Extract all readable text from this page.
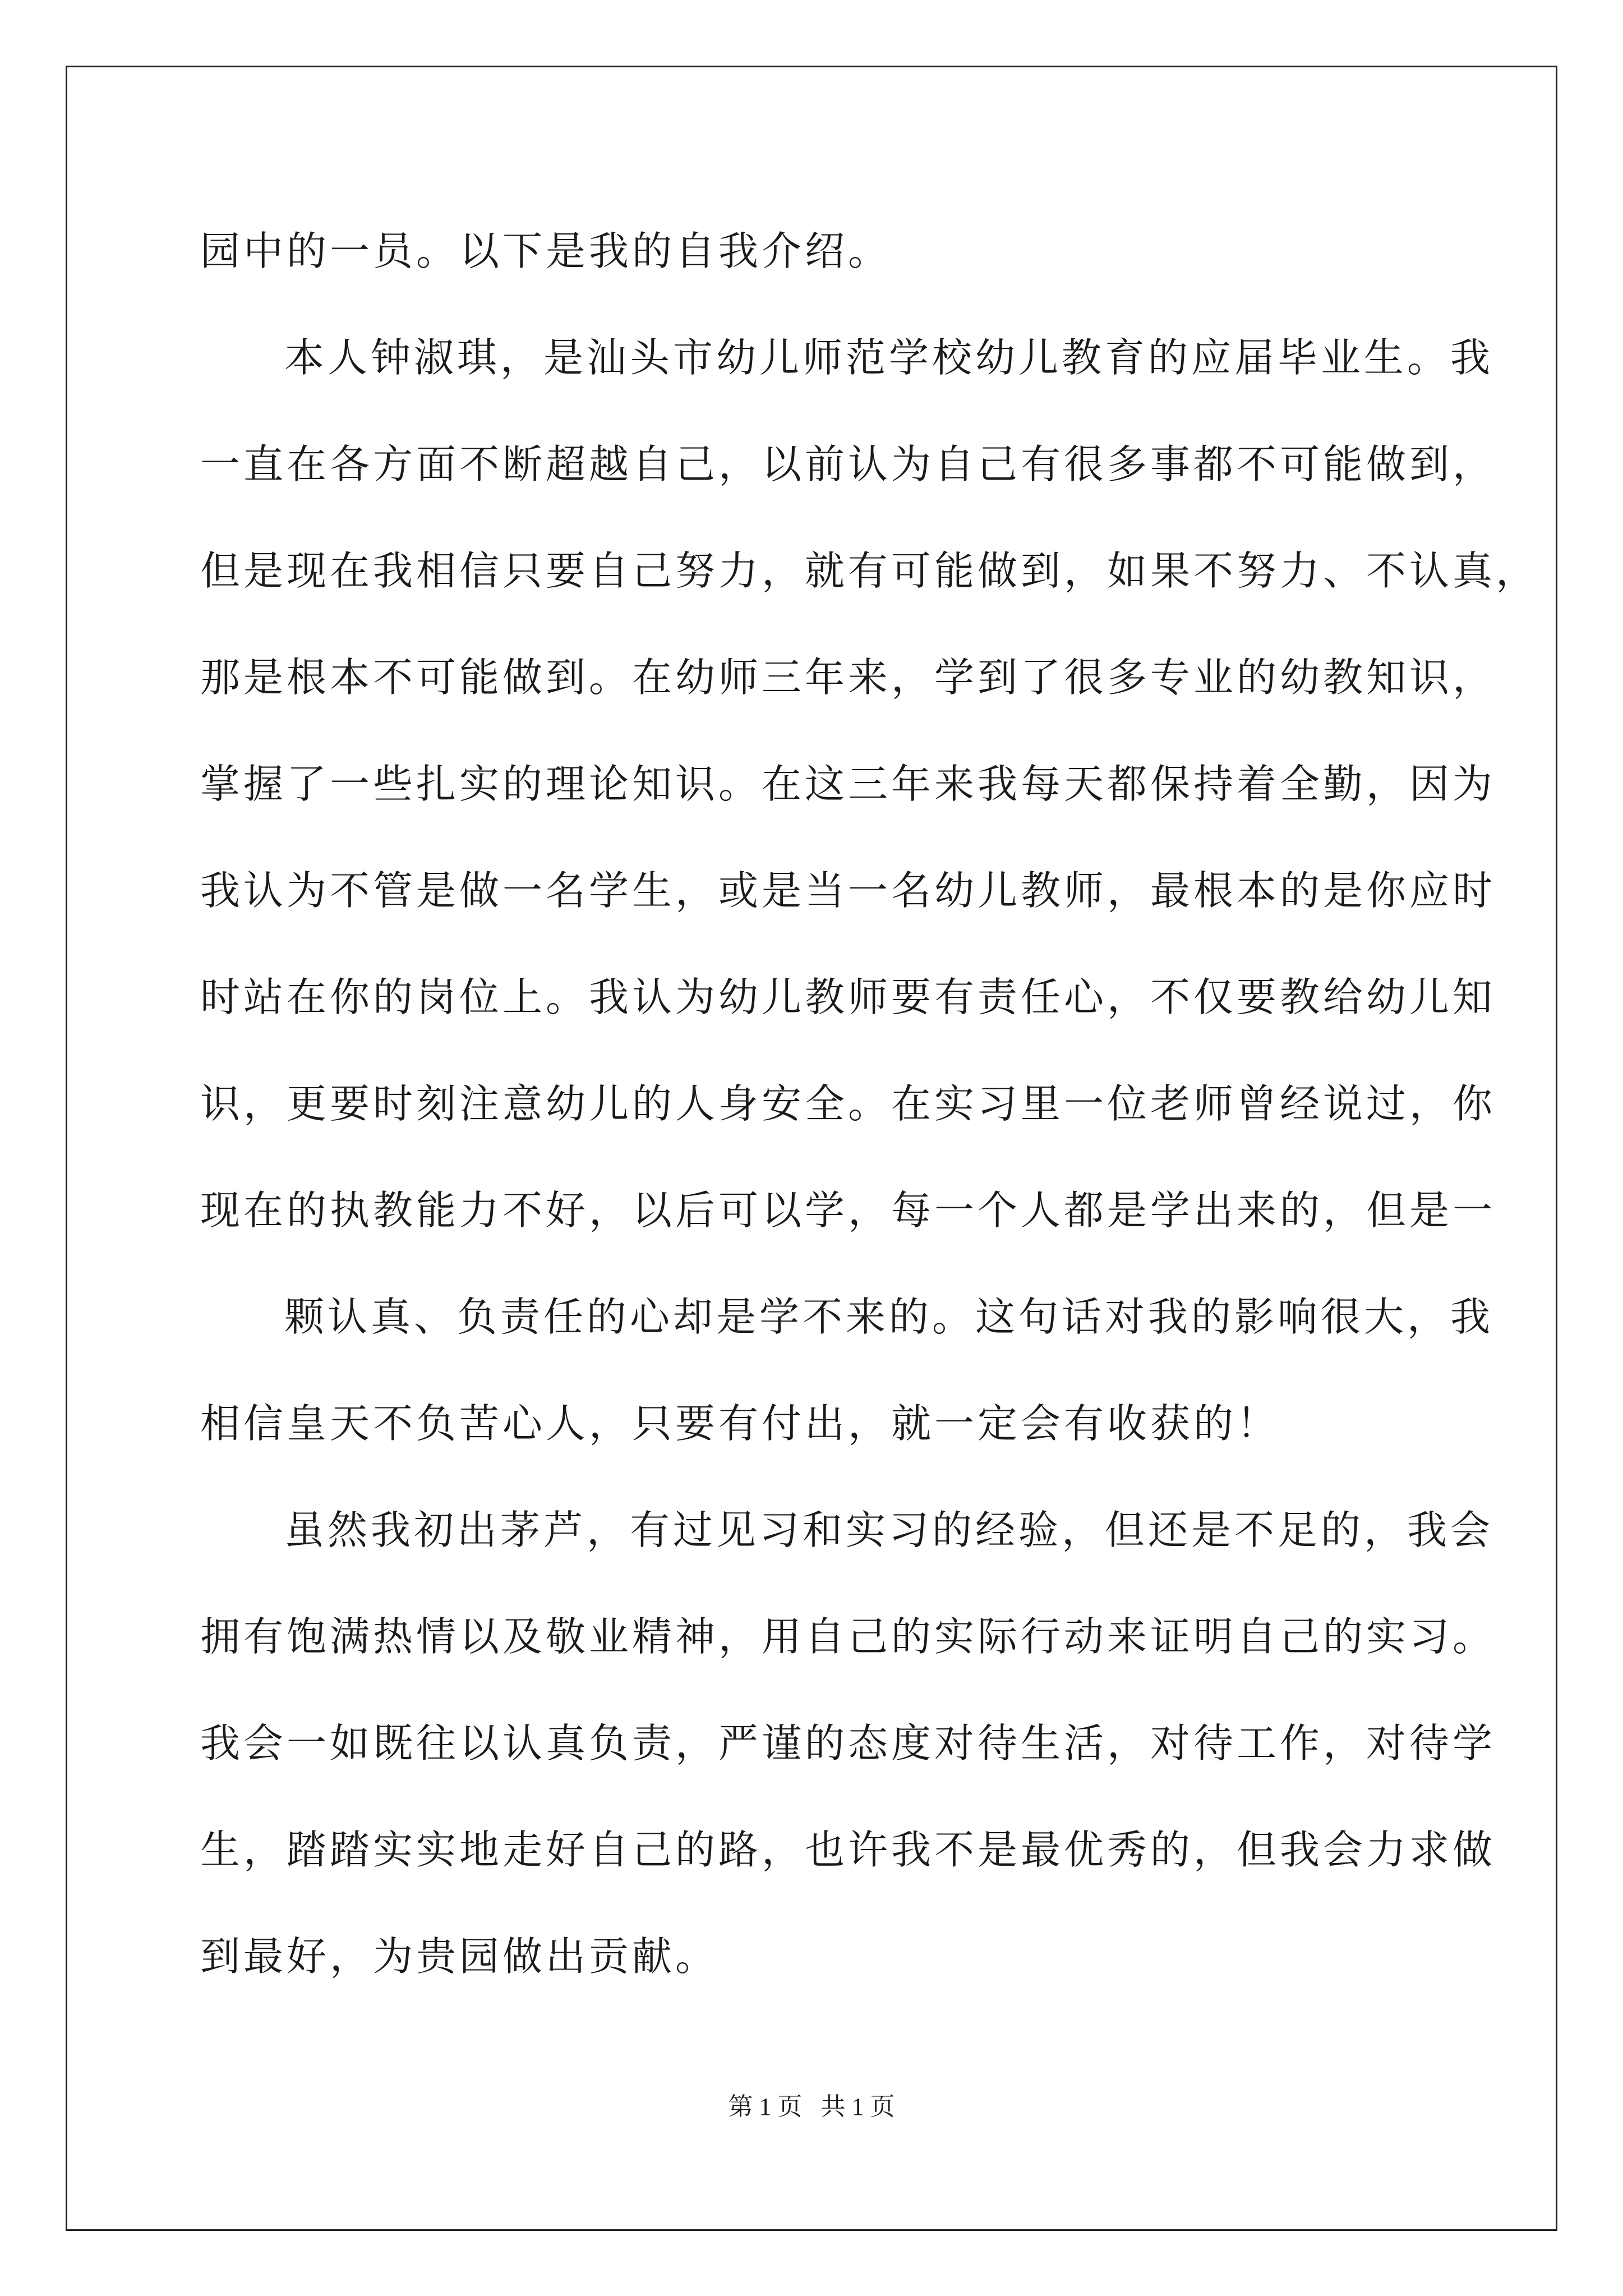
园中的一员。以下是我的自我介绍。
本人钟淑琪，是汕头市幼儿师范学校幼儿教育的应届毕业生。我
一直在各方面不断超越自己，以前认为自己有很多事都不可能做到，
但是现在我相信只要自己努力，就有可能做到，如果不努力、不认真，
那是根本不可能做到。在幼师三年来，学到了很多专业的幼教知识，
掌握了一些扎实的理论知识。在这三年来我每天都保持着全勤，因为
我认为不管是做一名学生，或是当一名幼儿教师，最根本的是你应时
时站在你的岗位上。我认为幼儿教师要有责任心，不仅要教给幼儿知
识，更要时刻注意幼儿的人身安全。在实习里一位老师曾经说过，你
现在的执教能力不好，以后可以学，每一个人都是学出来的，但是一
颗认真、负责任的心却是学不来的。这句话对我的影响很大，我
相信皇天不负苦心人，只要有付出，就一定会有收获的！
虽然我初出茅芦，有过见习和实习的经验，但还是不足的，我会
拥有饱满热情以及敬业精神，用自己的实际行动来证明自己的实习。
我会一如既往以认真负责，严谨的态度对待生活，对待工作，对待学
生，踏踏实实地走好自己的路，也许我不是最优秀的，但我会力求做
到最好，为贵园做出贡献。
第 1 页   共 1 页
